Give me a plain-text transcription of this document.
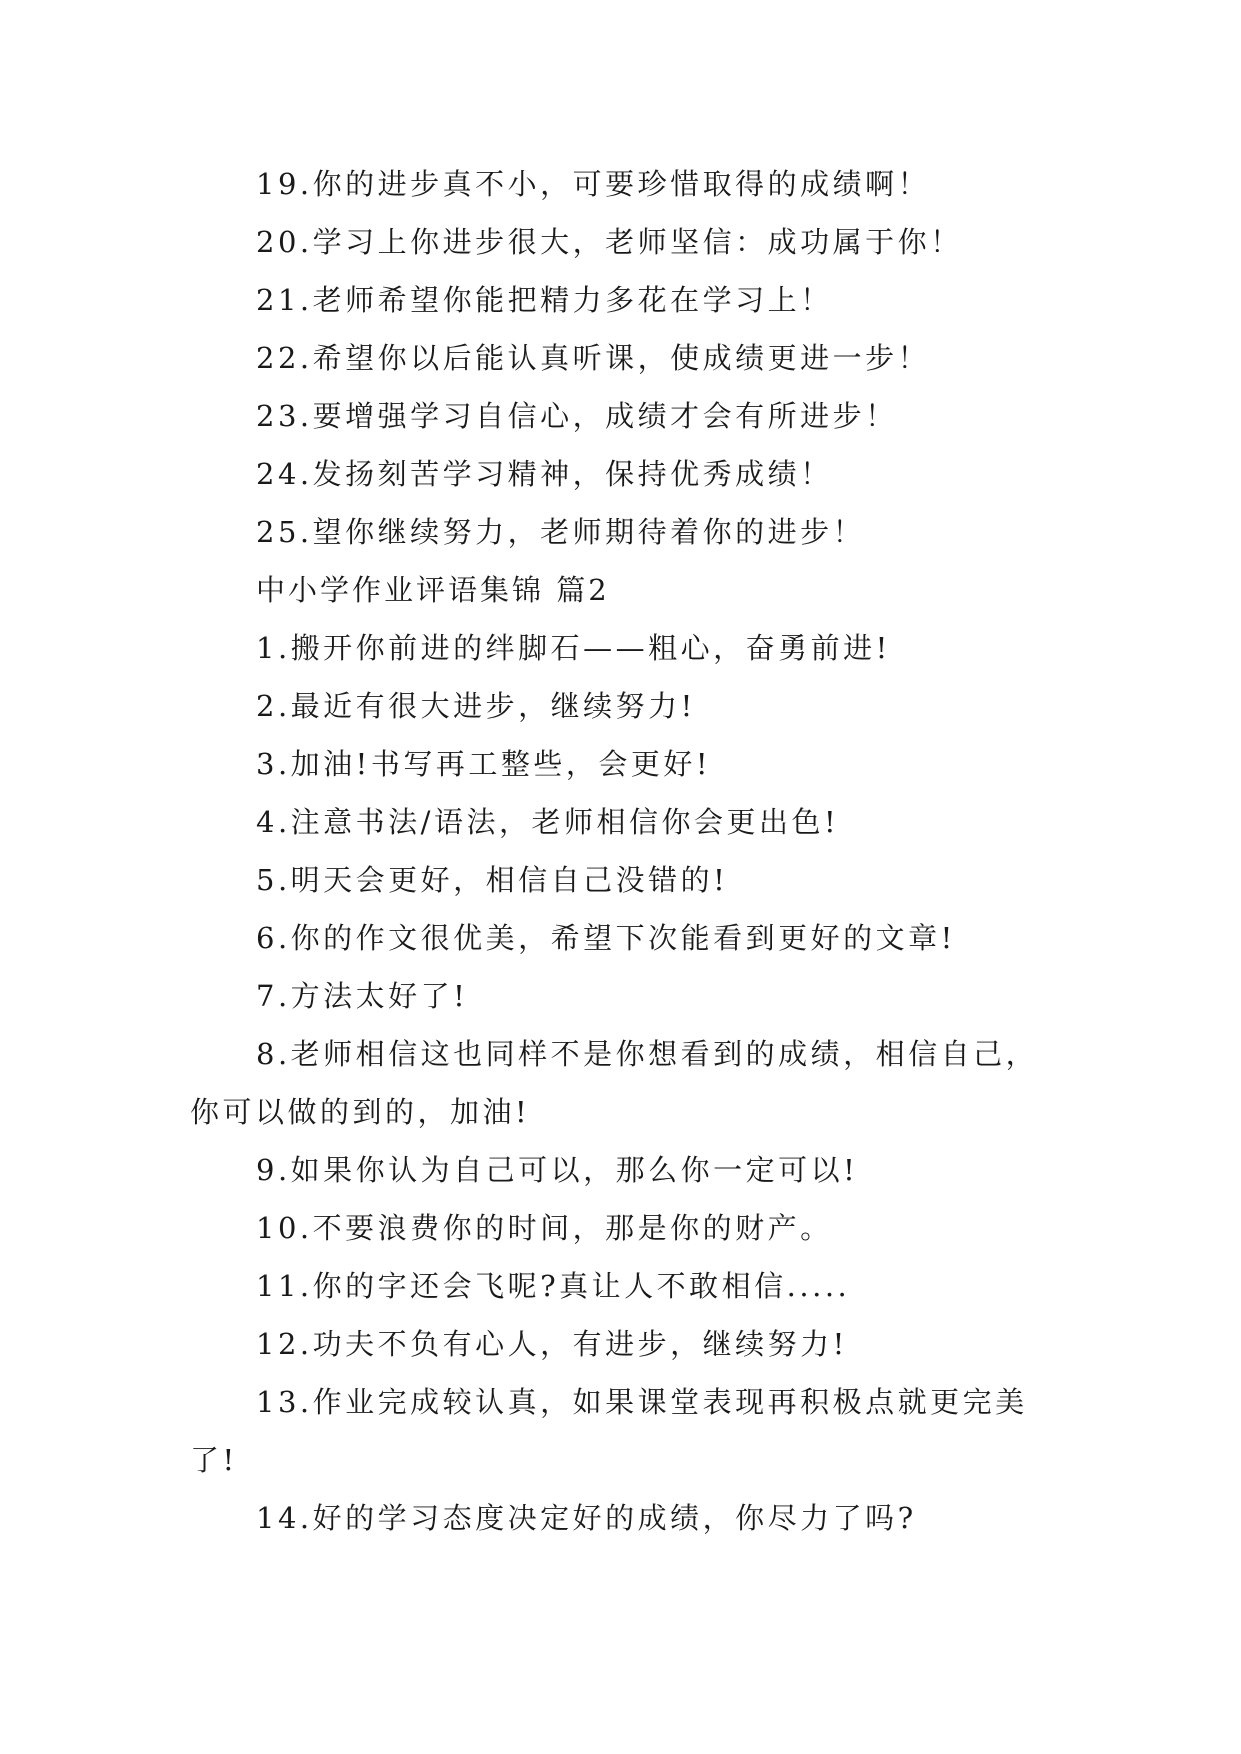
19.你的进步真不小，可要珍惜取得的成绩啊！
20.学习上你进步很大，老师坚信：成功属于你！
21.老师希望你能把精力多花在学习上！
22.希望你以后能认真听课，使成绩更进一步！
23.要增强学习自信心，成绩才会有所进步！
24.发扬刻苦学习精神，保持优秀成绩！
25.望你继续努力，老师期待着你的进步！
中小学作业评语集锦 篇2
1.搬开你前进的绊脚石——粗心，奋勇前进!
2.最近有很大进步，继续努力!
3.加油!书写再工整些，会更好!
4.注意书法/语法，老师相信你会更出色!
5.明天会更好，相信自己没错的!
6.你的作文很优美，希望下次能看到更好的文章!
7.方法太好了!
8.老师相信这也同样不是你想看到的成绩，相信自己，
你可以做的到的，加油!
9.如果你认为自己可以，那么你一定可以!
10.不要浪费你的时间，那是你的财产。
11.你的字还会飞呢?真让人不敢相信.....
12.功夫不负有心人，有进步，继续努力!
13.作业完成较认真，如果课堂表现再积极点就更完美
了!
14.好的学习态度决定好的成绩，你尽力了吗?
